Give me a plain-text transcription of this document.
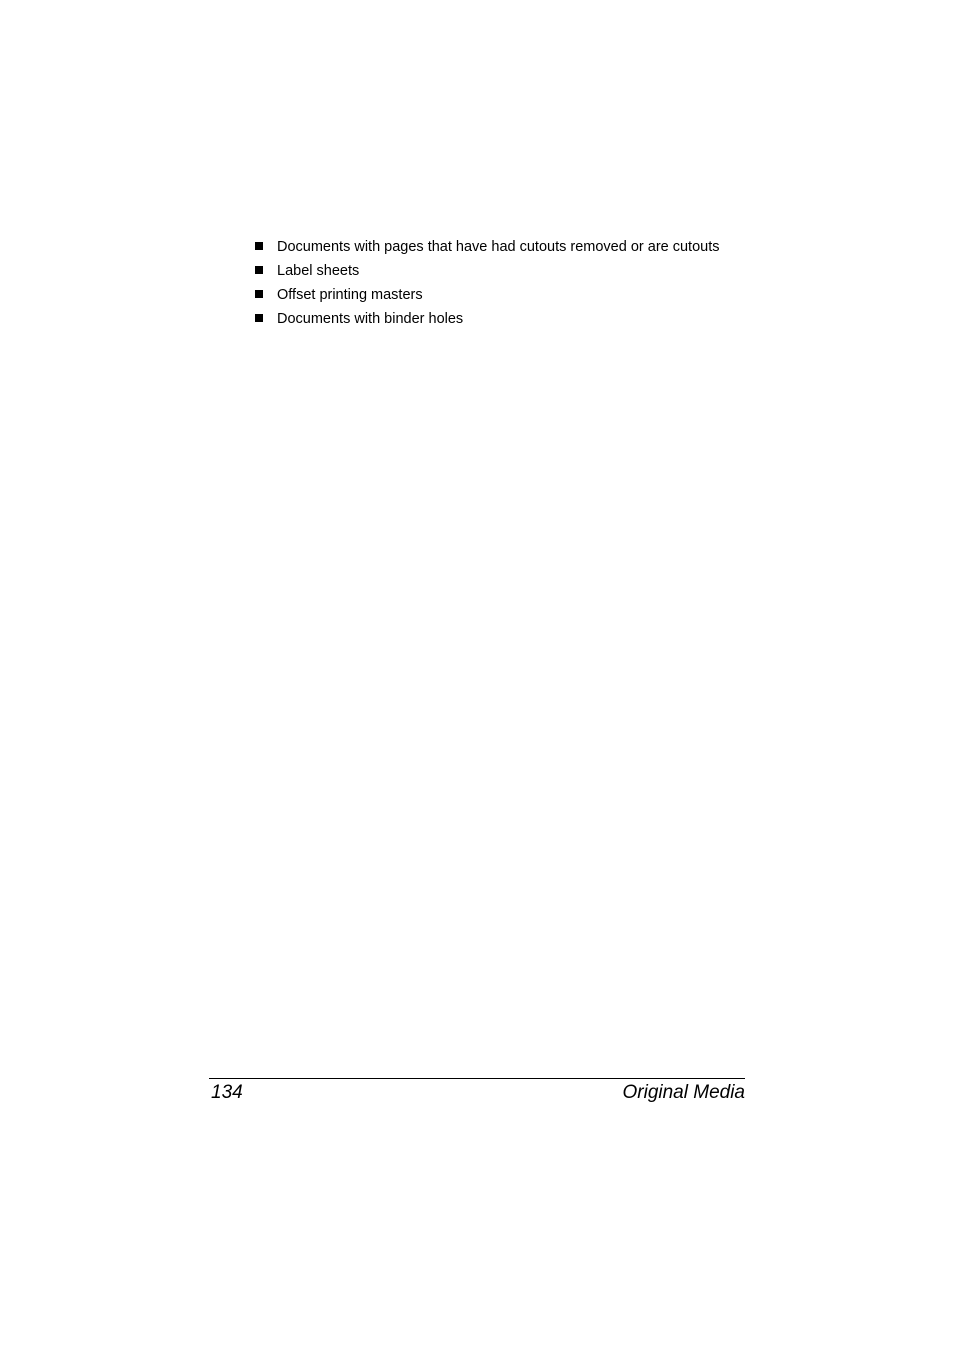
Documents with pages that have had cutouts removed or are cutouts
Label sheets
Offset printing masters
Documents with binder holes
134	Original Media
